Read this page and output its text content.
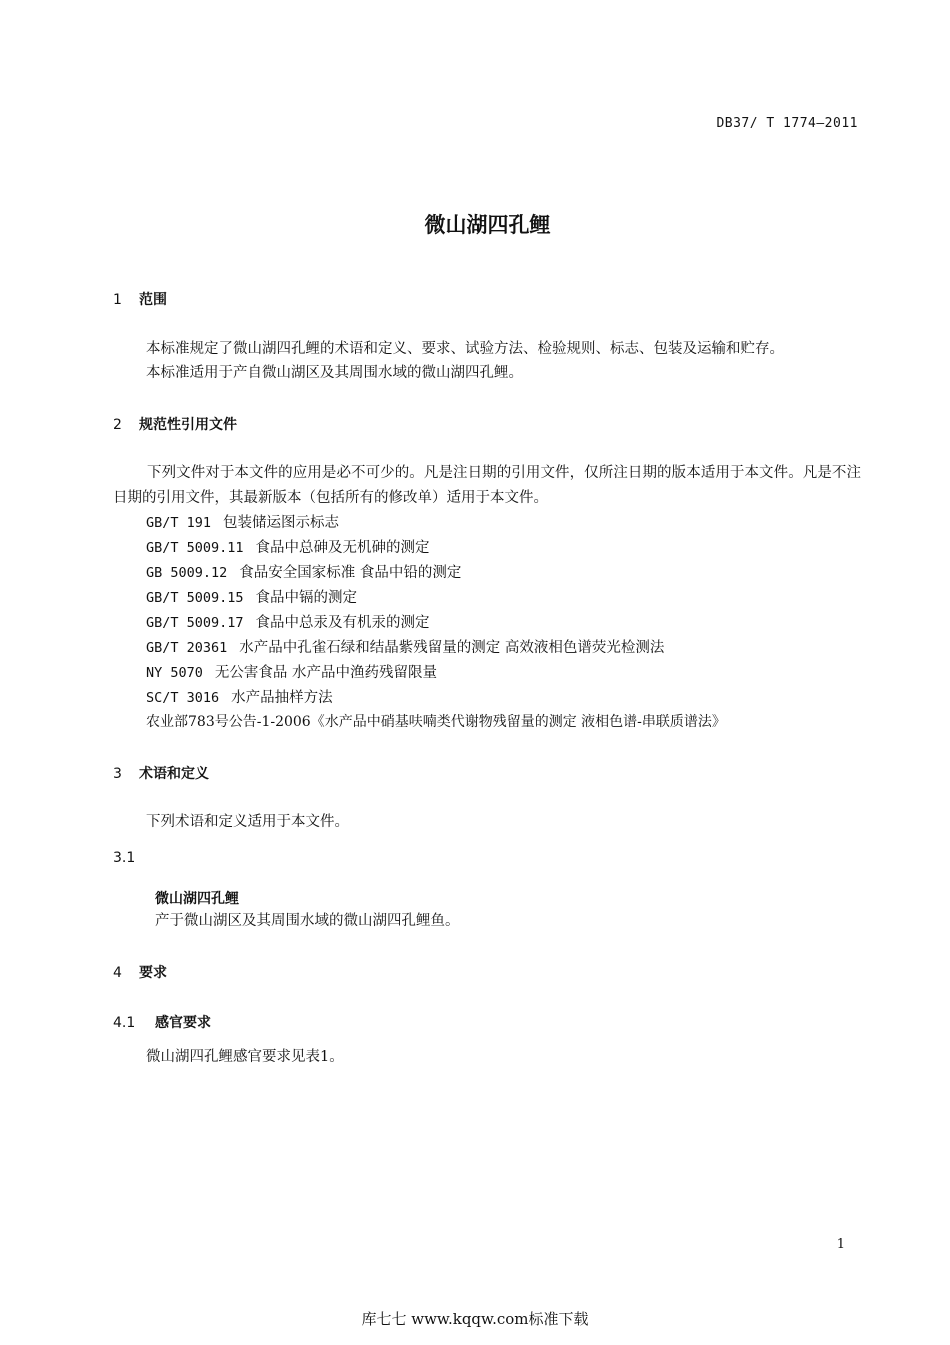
DB37/ T 1774—2011
微山湖四孔鲤
1 范围
本标准规定了微山湖四孔鲤的术语和定义、要求、试验方法、检验规则、标志、包装及运输和贮存。
本标准适用于产自微山湖区及其周围水域的微山湖四孔鲤。
2 规范性引用文件
下列文件对于本文件的应用是必不可少的。凡是注日期的引用文件，仅所注日期的版本适用于本文件。凡是不注日期的引用文件，其最新版本（包括所有的修改单）适用于本文件。
GB/T 191 包装储运图示标志
GB/T 5009.11 食品中总砷及无机砷的测定
GB 5009.12 食品安全国家标准 食品中铅的测定
GB/T 5009.15 食品中镉的测定
GB/T 5009.17 食品中总汞及有机汞的测定
GB/T 20361 水产品中孔雀石绿和结晶紫残留量的测定 高效液相色谱荧光检测法
NY 5070 无公害食品 水产品中渔药残留限量
SC/T 3016 水产品抽样方法
农业部783号公告-1-2006《水产品中硝基呋喃类代谢物残留量的测定 液相色谱-串联质谱法》
3 术语和定义
下列术语和定义适用于本文件。
3.1
微山湖四孔鲤
产于微山湖区及其周围水域的微山湖四孔鲤鱼。
4 要求
4.1 感官要求
微山湖四孔鲤感官要求见表1。
1
库七七 www.kqqw.com标准下载
